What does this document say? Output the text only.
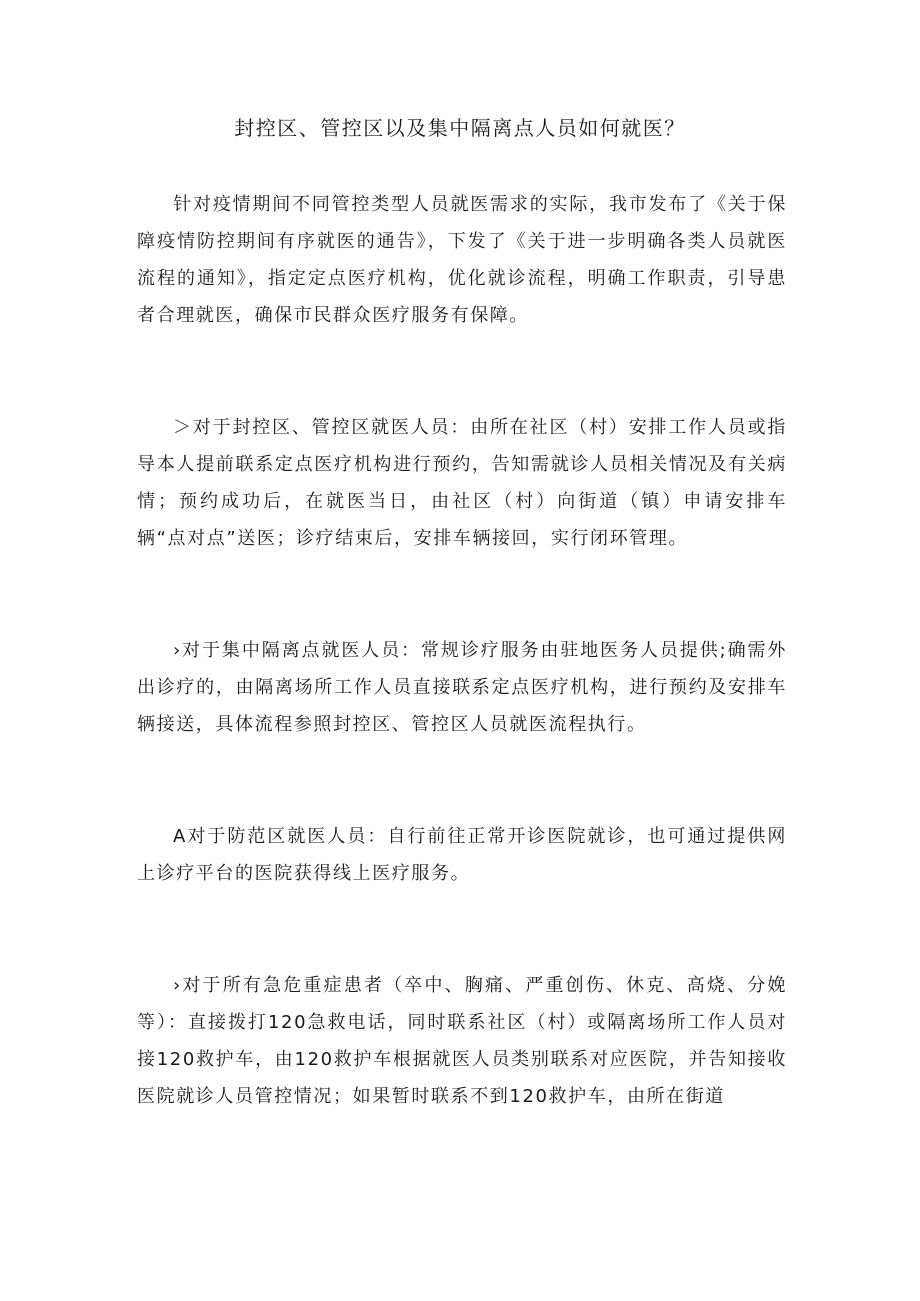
封控区、管控区以及集中隔离点人员如何就医？

针对疫情期间不同管控类型人员就医需求的实际，我市发布了《关于保障疫情防控期间有序就医的通告》，下发了《关于进一步明确各类人员就医流程的通知》，指定定点医疗机构，优化就诊流程，明确工作职责，引导患者合理就医，确保市民群众医疗服务有保障。

＞对于封控区、管控区就医人员：由所在社区（村）安排工作人员或指导本人提前联系定点医疗机构进行预约，告知需就诊人员相关情况及有关病情；预约成功后，在就医当日，由社区（村）向街道（镇）申请安排车辆“点对点”送医；诊疗结束后，安排车辆接回，实行闭环管理。

›对于集中隔离点就医人员：常规诊疗服务由驻地医务人员提供;确需外出诊疗的，由隔离场所工作人员直接联系定点医疗机构，进行预约及安排车辆接送，具体流程参照封控区、管控区人员就医流程执行。

A对于防范区就医人员：自行前往正常开诊医院就诊，也可通过提供网上诊疗平台的医院获得线上医疗服务。

›对于所有急危重症患者（卒中、胸痛、严重创伤、休克、高烧、分娩等）：直接拨打120急救电话，同时联系社区（村）或隔离场所工作人员对接120救护车，由120救护车根据就医人员类别联系对应医院，并告知接收医院就诊人员管控情况；如果暂时联系不到120救护车，由所在街道
